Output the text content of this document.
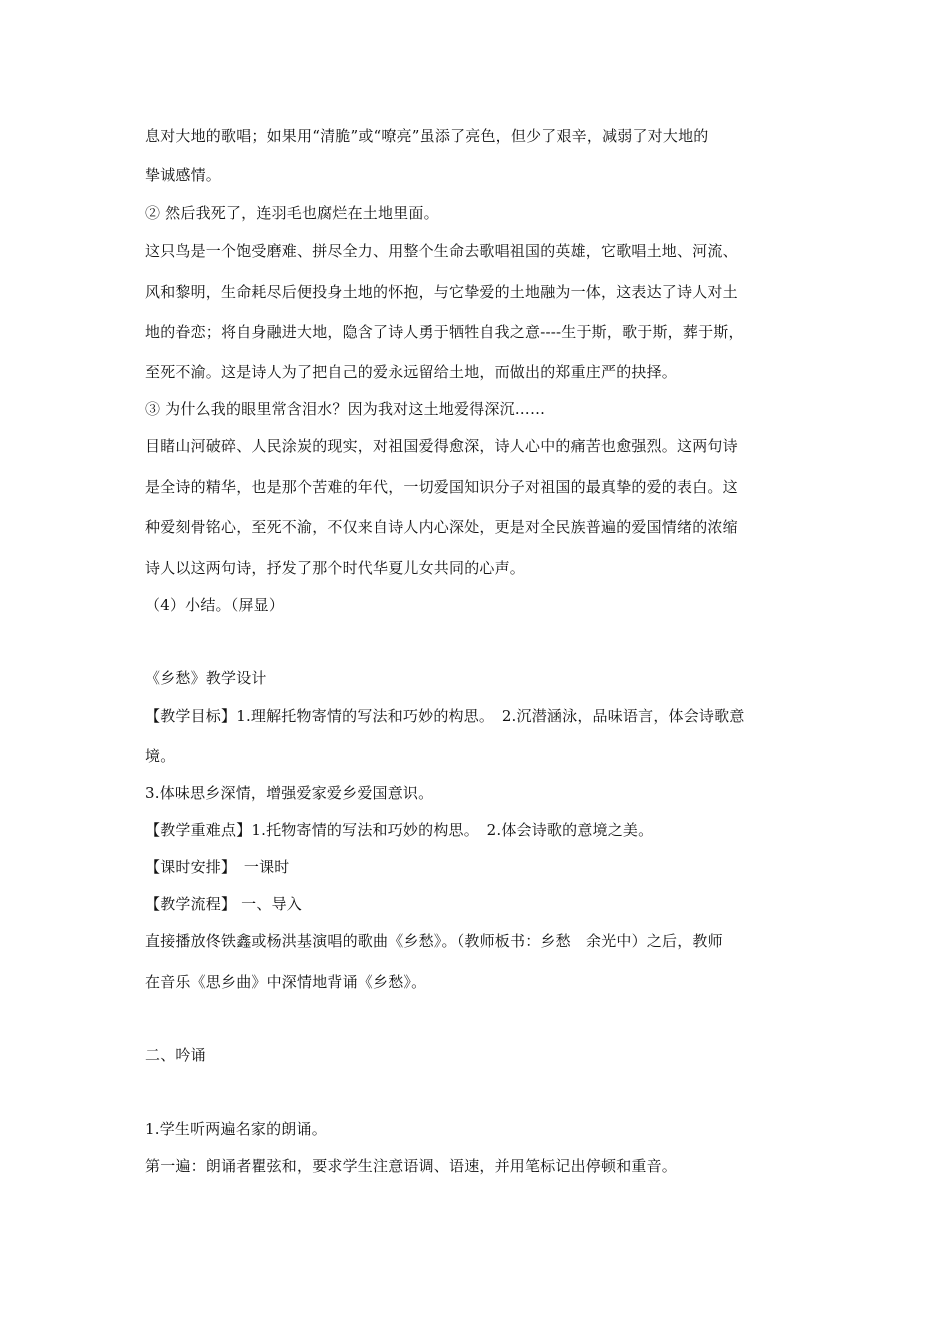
息对大地的歌唱；如果用“清脆”或“嘹亮”虽添了亮色，但少了艰辛，减弱了对大地的

挚诚感情。

② 然后我死了，连羽毛也腐烂在土地里面。

这只鸟是一个饱受磨难、拼尽全力、用整个生命去歌唱祖国的英雄，它歌唱土地、河流、

风和黎明，生命耗尽后便投身土地的怀抱，与它挚爱的土地融为一体，这表达了诗人对土

地的眷恋；将自身融进大地，隐含了诗人勇于牺牲自我之意----生于斯，歌于斯，葬于斯，

至死不渝。这是诗人为了把自己的爱永远留给土地，而做出的郑重庄严的抉择。

③ 为什么我的眼里常含泪水？因为我对这土地爱得深沉……

目睹山河破碎、人民涂炭的现实，对祖国爱得愈深，诗人心中的痛苦也愈强烈。这两句诗

是全诗的精华，也是那个苦难的年代，一切爱国知识分子对祖国的最真挚的爱的表白。这

种爱刻骨铭心，至死不渝，不仅来自诗人内心深处，更是对全民族普遍的爱国情绪的浓缩

诗人以这两句诗，抒发了那个时代华夏儿女共同的心声。

（4）小结。（屏显）

《乡愁》教学设计

【教学目标】1.理解托物寄情的写法和巧妙的构思。　2.沉潜涵泳，品味语言，体会诗歌意

境。

3.体味思乡深情，增强爱家爱乡爱国意识。

【教学重难点】1.托物寄情的写法和巧妙的构思。　2.体会诗歌的意境之美。

【课时安排】　一课时

【教学流程】 一、导入

直接播放佟铁鑫或杨洪基演唱的歌曲《乡愁》。（教师板书：乡愁　余光中）之后，教师

在音乐《思乡曲》中深情地背诵《乡愁》。

二、吟诵

1.学生听两遍名家的朗诵。

第一遍：朗诵者瞿弦和，要求学生注意语调、语速，并用笔标记出停顿和重音。
